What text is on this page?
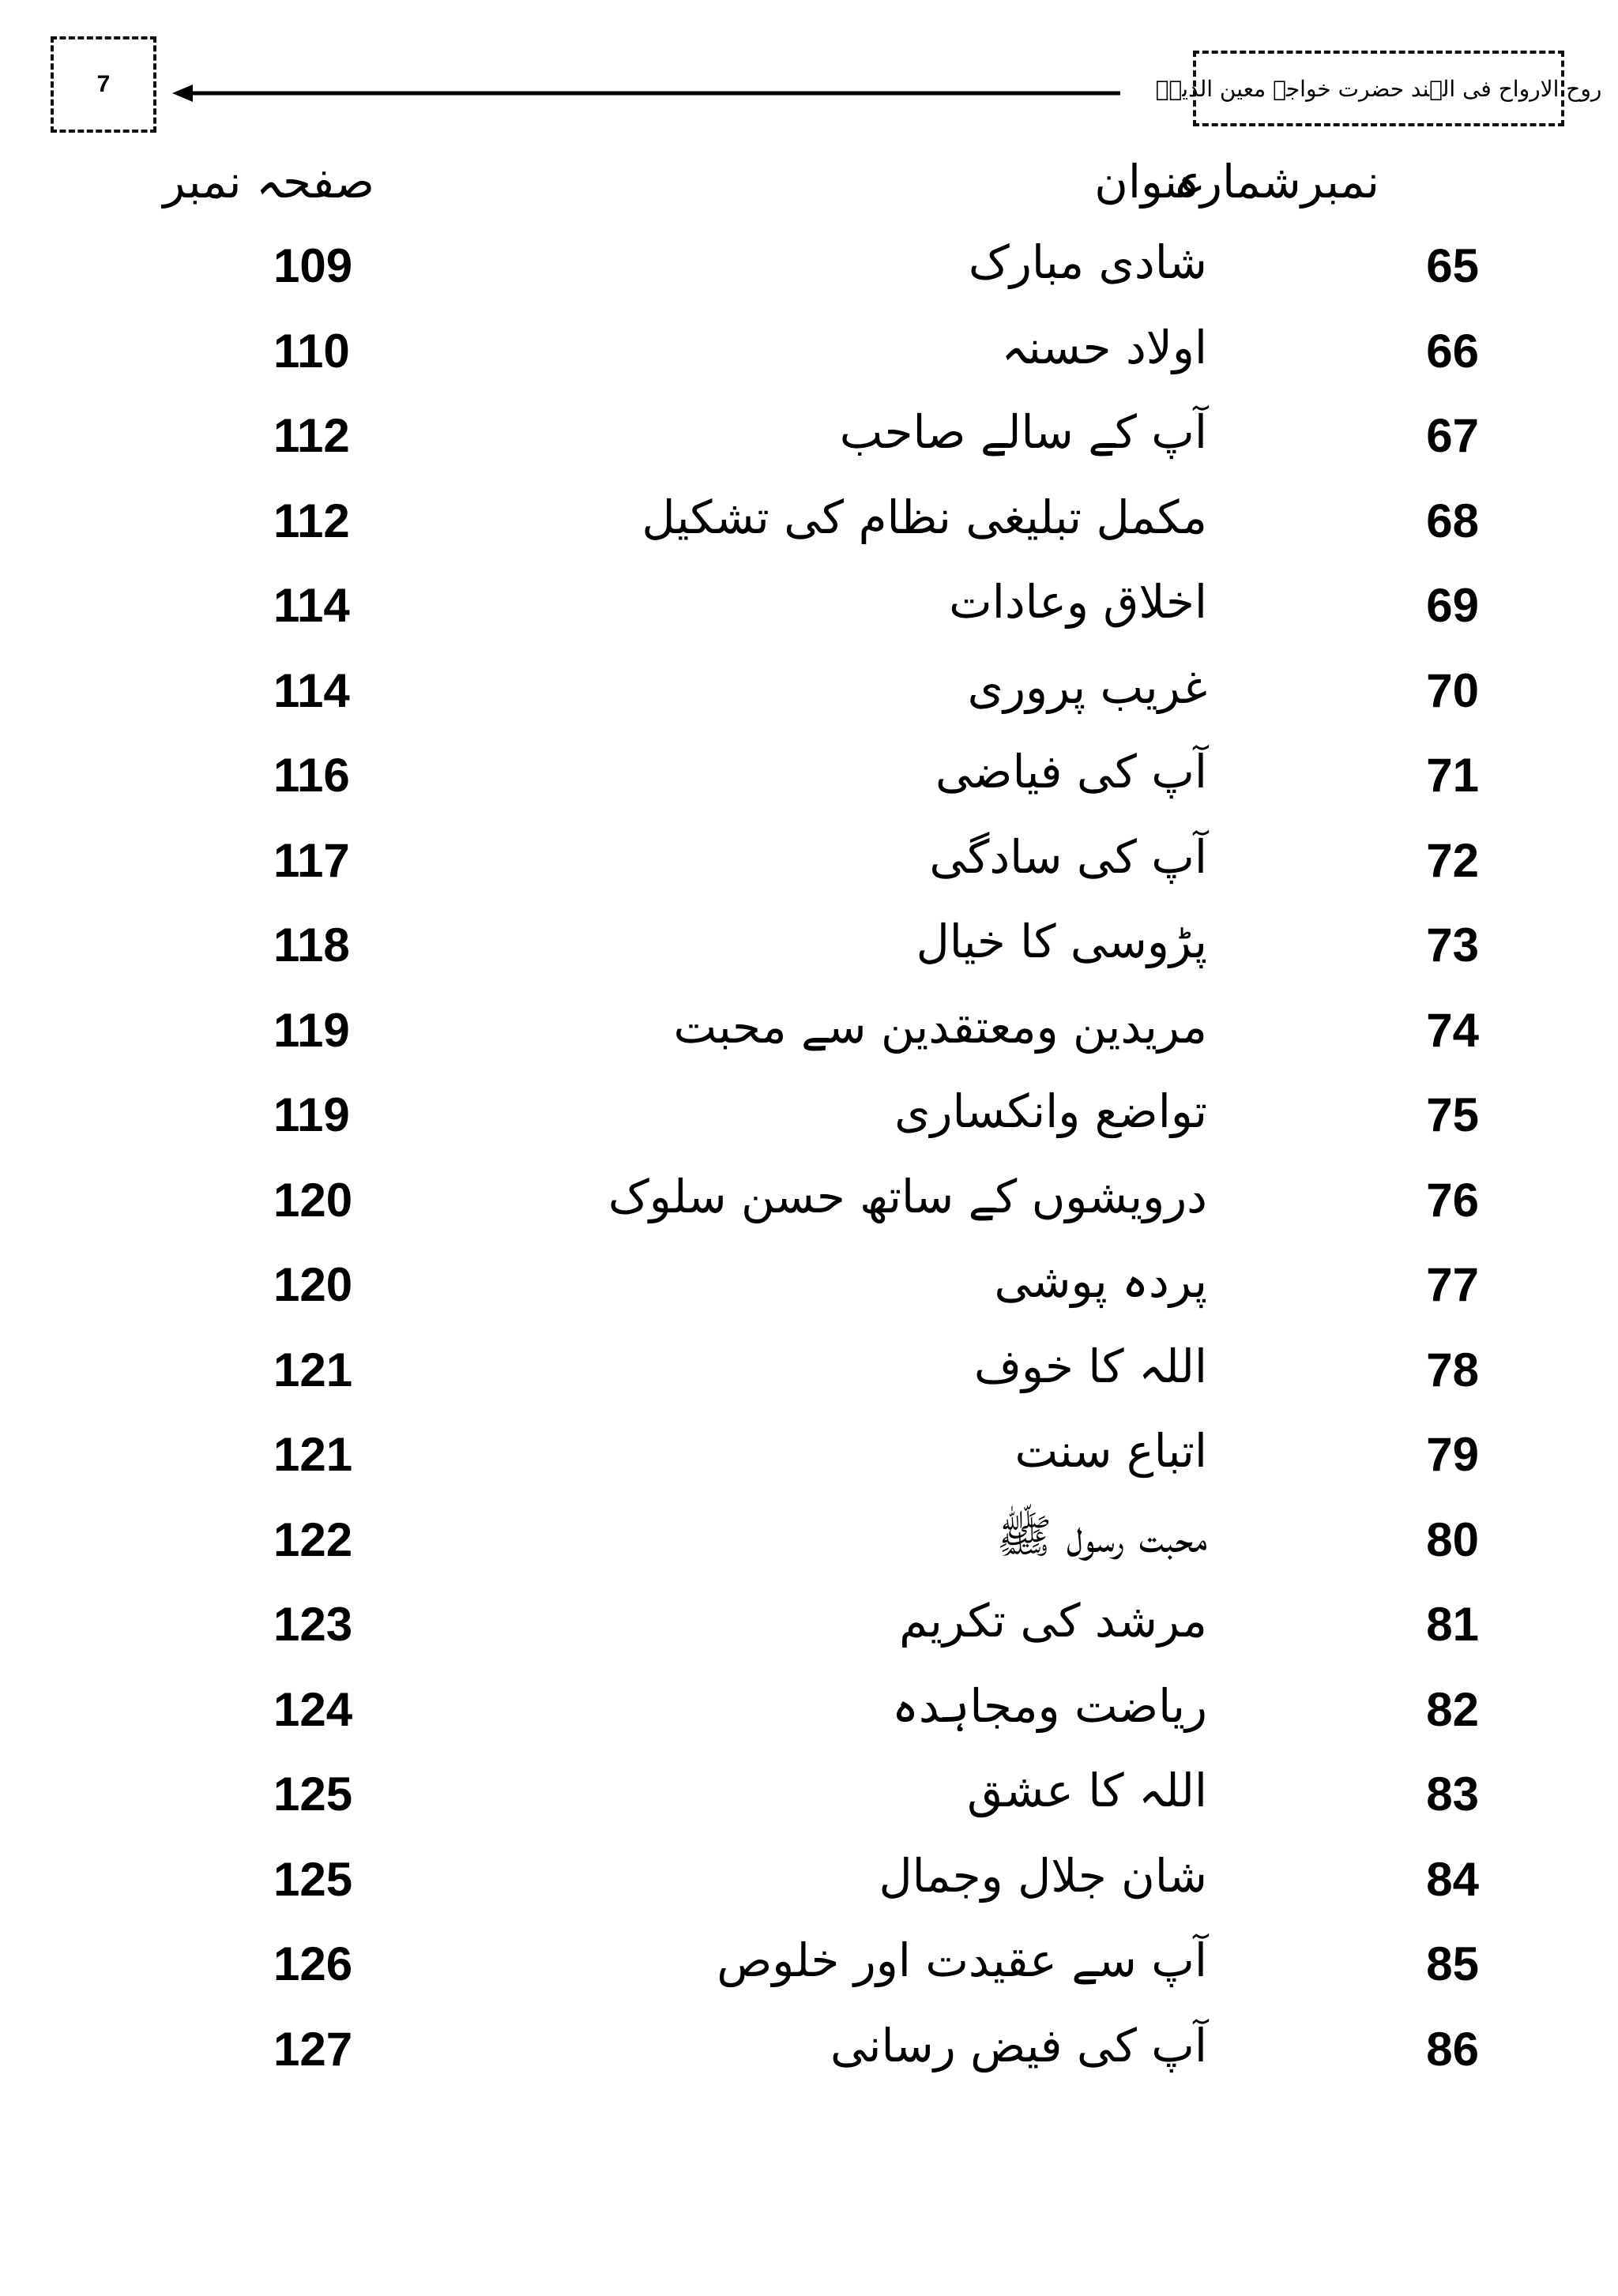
7	روح الارواح فی الہند حضرت خواجہ معین الدینؒ
نمبرشمارہ
عنوان
صفحہ نمبر
65
شادی مبارک
109
66
اولاد حسنہ
110
67
آپ کے سالے صاحب
112
68
مکمل تبلیغی نظام کی تشکیل
112
69
اخلاق وعادات
114
70
غریب پروری
114
71
آپ کی فیاضی
116
72
آپ کی سادگی
117
73
پڑوسی کا خیال
118
74
مریدین ومعتقدین سے محبت
119
75
تواضع وانکساری
119
76
درویشوں کے ساتھ حسن سلوک
120
77
پردہ پوشی
120
78
اللہ کا خوف
121
79
اتباع سنت
121
80
محبت رسول ﷺ
122
81
مرشد کی تکریم
123
82
ریاضت ومجاہدہ
124
83
اللہ کا عشق
125
84
شان جلال وجمال
125
85
آپ سے عقیدت اور خلوص
126
86
آپ کی فیض رسانی
127
